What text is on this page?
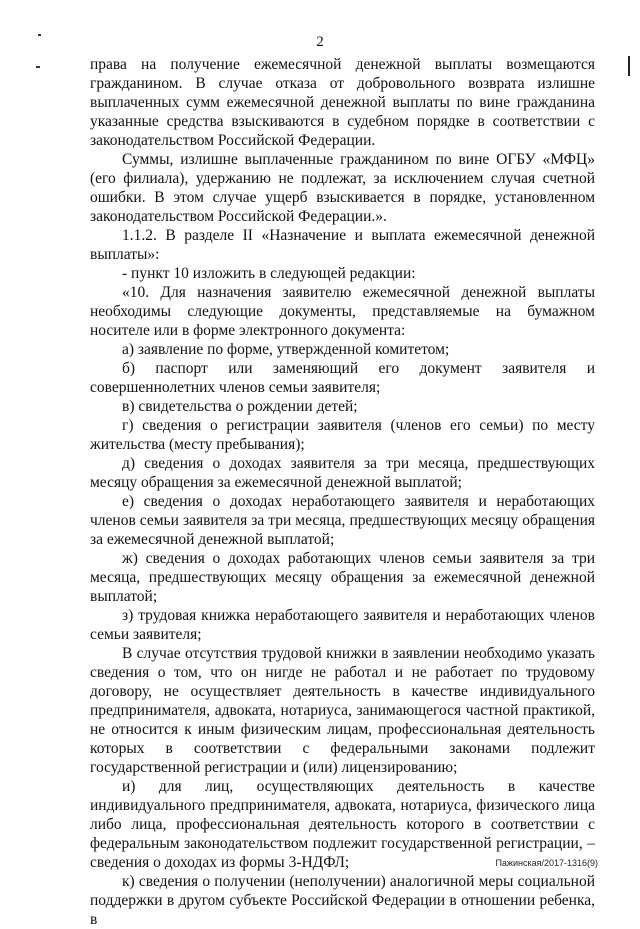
2

права на получение ежемесячной денежной выплаты возмещаются гражданином. В случае отказа от добровольного возврата излишне выплаченных сумм ежемесячной денежной выплаты по вине гражданина указанные средства взыскиваются в судебном порядке в соответствии с законодательством Российской Федерации.

Суммы, излишне выплаченные гражданином по вине ОГБУ «МФЦ» (его филиала), удержанию не подлежат, за исключением случая счетной ошибки. В этом случае ущерб взыскивается в порядке, установленном законодательством Российской Федерации.».

1.1.2. В разделе II «Назначение и выплата ежемесячной денежной выплаты»:

- пункт 10 изложить в следующей редакции:

«10. Для назначения заявителю ежемесячной денежной выплаты необходимы следующие документы, представляемые на бумажном носителе или в форме электронного документа:

а) заявление по форме, утвержденной комитетом;

б) паспорт или заменяющий его документ заявителя и совершеннолетних членов семьи заявителя;

в) свидетельства о рождении детей;

г) сведения о регистрации заявителя (членов его семьи) по месту жительства (месту пребывания);

д) сведения о доходах заявителя за три месяца, предшествующих месяцу обращения за ежемесячной денежной выплатой;

е) сведения о доходах неработающего заявителя и неработающих членов семьи заявителя за три месяца, предшествующих месяцу обращения за ежемесячной денежной выплатой;

ж) сведения о доходах работающих членов семьи заявителя за три месяца, предшествующих месяцу обращения за ежемесячной денежной выплатой;

з) трудовая книжка неработающего заявителя и неработающих членов семьи заявителя;

В случае отсутствия трудовой книжки в заявлении необходимо указать сведения о том, что он нигде не работал и не работает по трудовому договору, не осуществляет деятельность в качестве индивидуального предпринимателя, адвоката, нотариуса, занимающегося частной практикой, не относится к иным физическим лицам, профессиональная деятельность которых в соответствии с федеральными законами подлежит государственной регистрации и (или) лицензированию;

и) для лиц, осуществляющих деятельность в качестве индивидуального предпринимателя, адвоката, нотариуса, физического лица либо лица, профессиональная деятельность которого в соответствии с федеральным законодательством подлежит государственной регистрации, – сведения о доходах из формы 3-НДФЛ;

к) сведения о получении (неполучении) аналогичной меры социальной поддержки в другом субъекте Российской Федерации в отношении ребенка, в

Пажинская/2017-1316(9)
